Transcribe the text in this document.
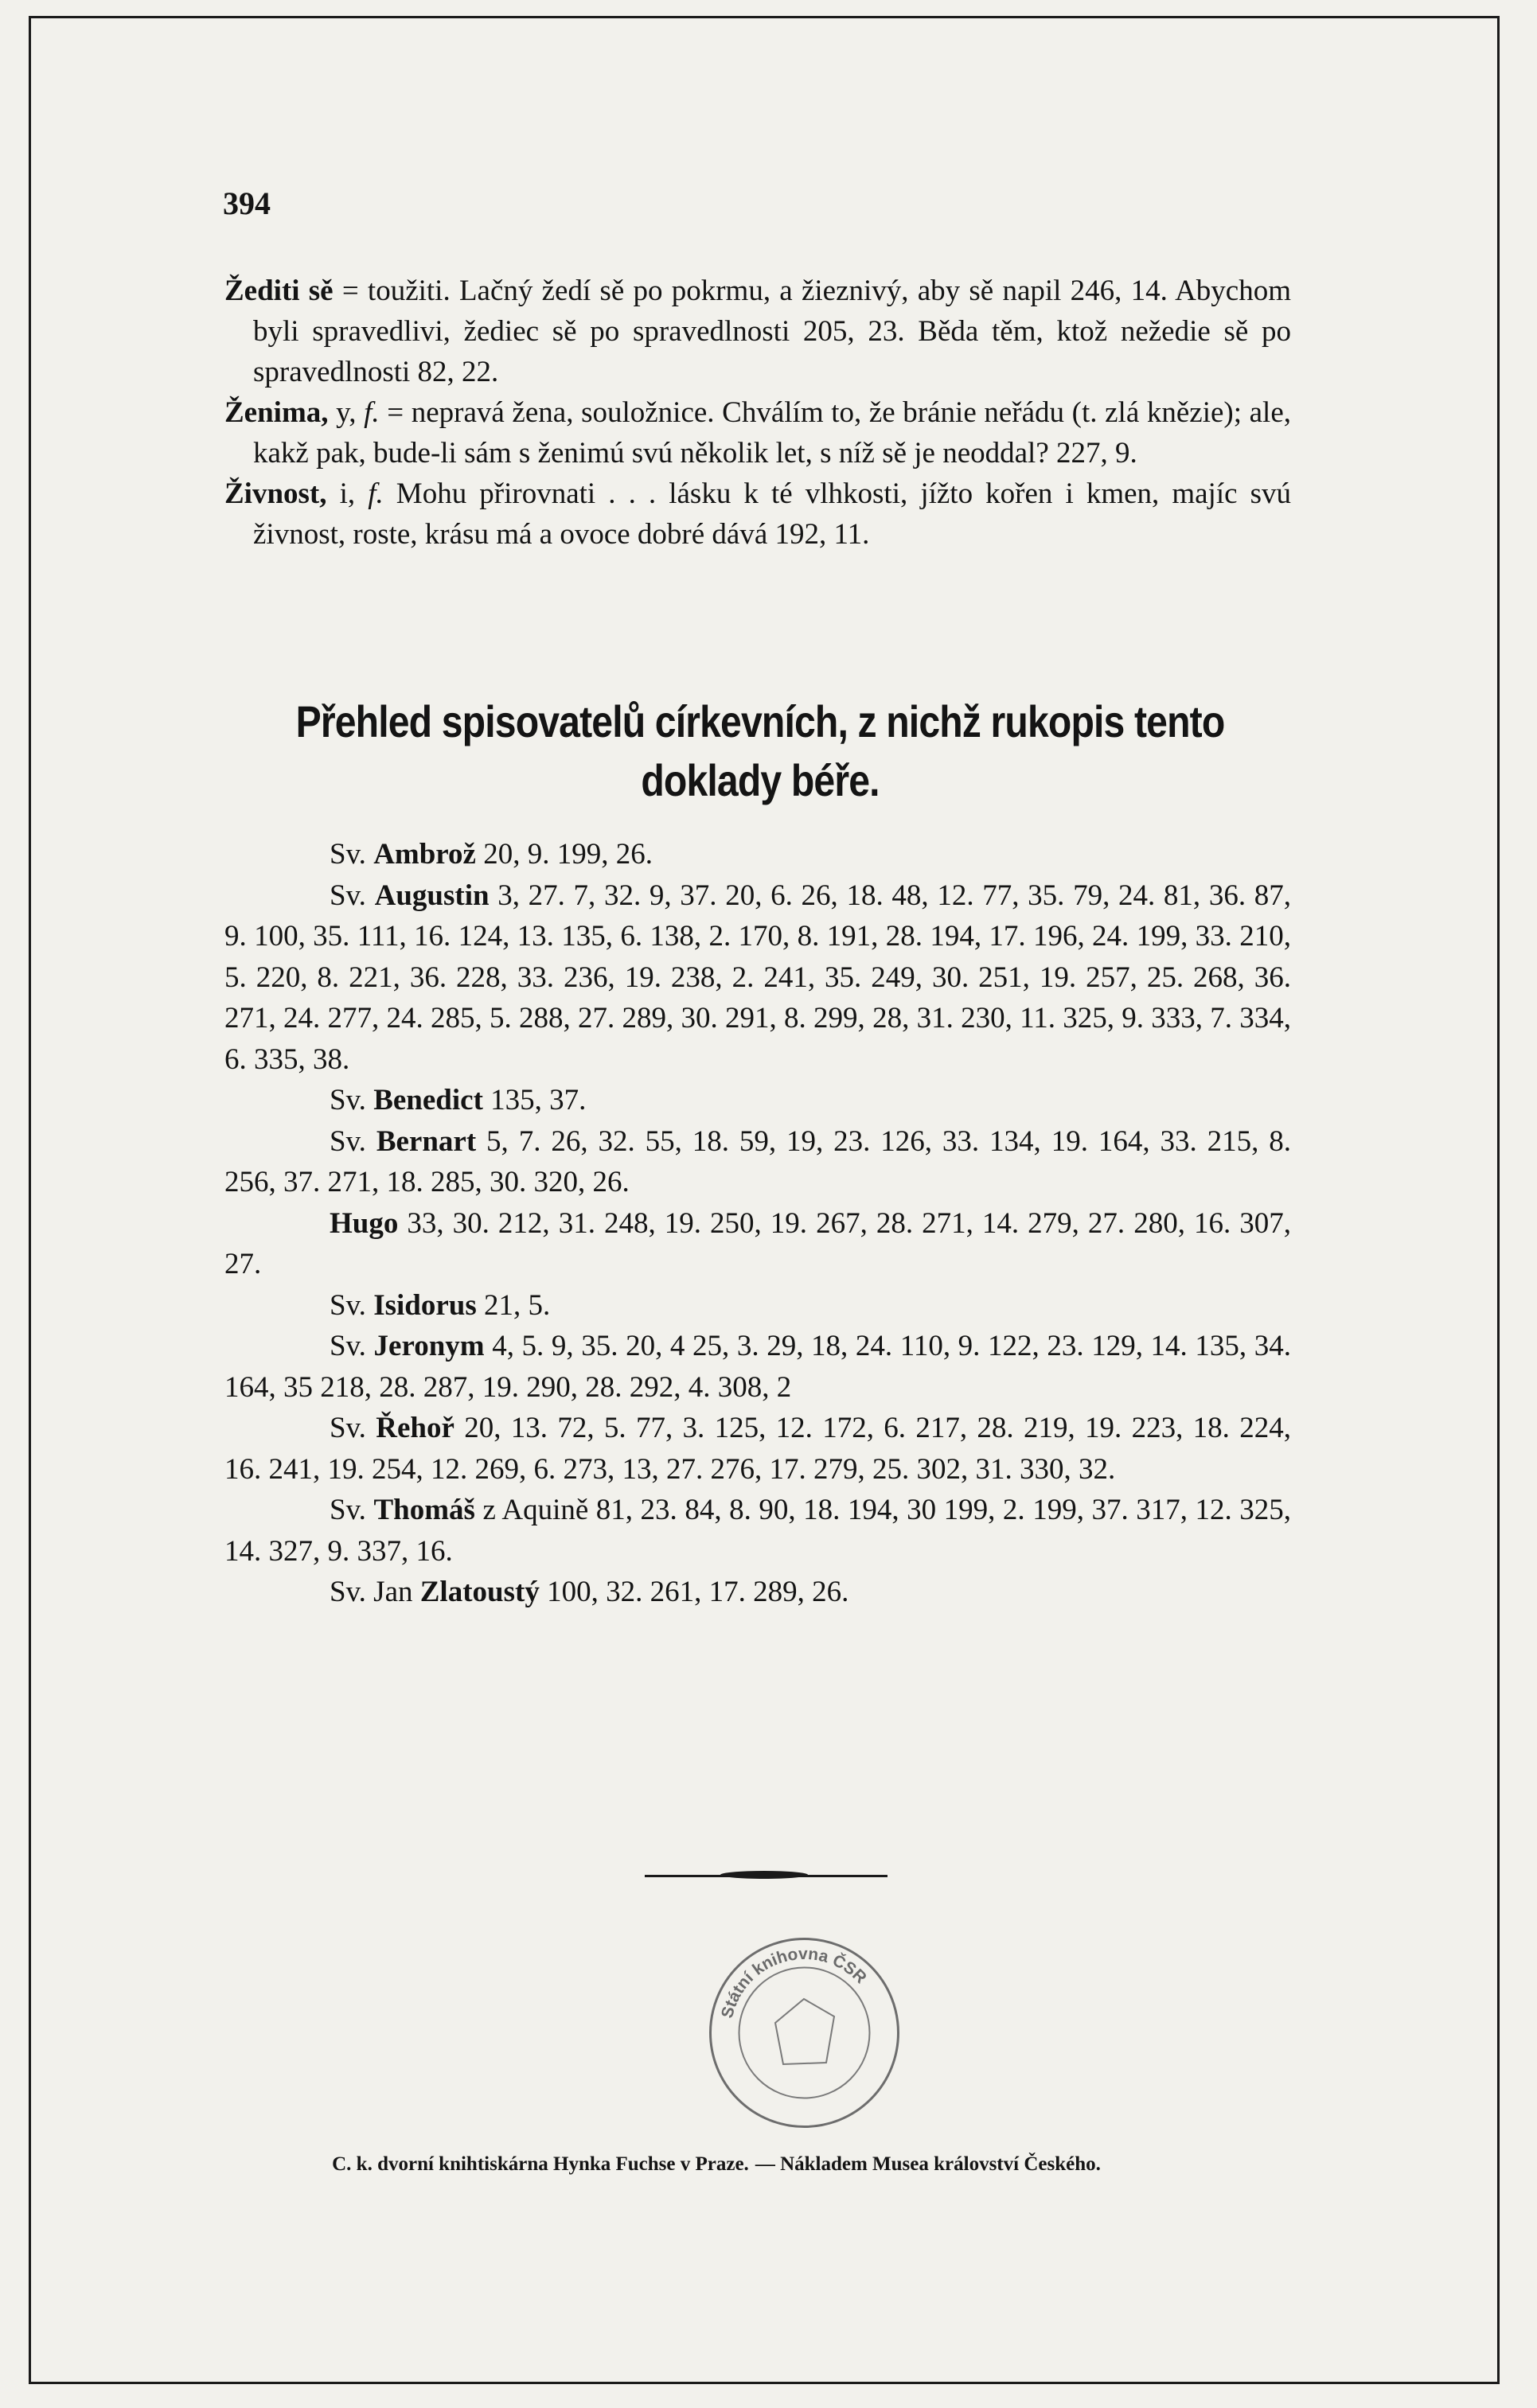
394

Žediti sě = toužiti. Lačný žedí sě po pokrmu, a žieznivý, aby sě napil 246, 14. Abychom byli spravedlivi, žediec sě po spravedlnosti 205, 23. Běda těm, ktož nežedie sě po spravedlnosti 82, 22.

Ženima, y, f. = nepravá žena, souložnice. Chválím to, že bránie neřádu (t. zlá knězie); ale, kakž pak, bude-li sám s ženimú svú několik let, s níž sě je neoddal? 227, 9.

Živnost, i, f. Mohu přirovnati . . . lásku k té vlhkosti, jížto kořen i kmen, majíc svú živnost, roste, krásu má a ovoce dobré dává 192, 11.

Přehled spisovatelů církevních, z nichž rukopis tento
doklady béře.

Sv. Ambrož 20, 9. 199, 26.

Sv. Augustin 3, 27. 7, 32. 9, 37. 20, 6. 26, 18. 48, 12. 77, 35. 79, 24. 81, 36. 87, 9. 100, 35. 111, 16. 124, 13. 135, 6. 138, 2. 170, 8. 191, 28. 194, 17. 196, 24. 199, 33. 210, 5. 220, 8. 221, 36. 228, 33. 236, 19. 238, 2. 241, 35. 249, 30. 251, 19. 257, 25. 268, 36. 271, 24. 277, 24. 285, 5. 288, 27. 289, 30. 291, 8. 299, 28, 31. 230, 11. 325, 9. 333, 7. 334, 6. 335, 38.

Sv. Benedict 135, 37.

Sv. Bernart 5, 7. 26, 32. 55, 18. 59, 19, 23. 126, 33. 134, 19. 164, 33. 215, 8. 256, 37. 271, 18. 285, 30. 320, 26.

Hugo 33, 30. 212, 31. 248, 19. 250, 19. 267, 28. 271, 14. 279, 27. 280, 16. 307, 27.

Sv. Isidorus 21, 5.

Sv. Jeronym 4, 5. 9, 35. 20, 4 25, 3. 29, 18, 24. 110, 9. 122, 23. 129, 14. 135, 34. 164, 35 218, 28. 287, 19. 290, 28. 292, 4. 308, 2

Sv. Řehoř 20, 13. 72, 5. 77, 3. 125, 12. 172, 6. 217, 28. 219, 19. 223, 18. 224, 16. 241, 19. 254, 12. 269, 6. 273, 13, 27. 276, 17. 279, 25. 302, 31. 330, 32.

Sv. Thomáš z Aquině 81, 23. 84, 8. 90, 18. 194, 30 199, 2. 199, 37. 317, 12. 325, 14. 327, 9. 337, 16.

Sv. Jan Zlatoustý 100, 32. 261, 17. 289, 26.

Státní knihovna ČSR
C. k. dvorní knihtiskárna Hynka Fuchse v Praze. — Nákladem Musea království Českého.
